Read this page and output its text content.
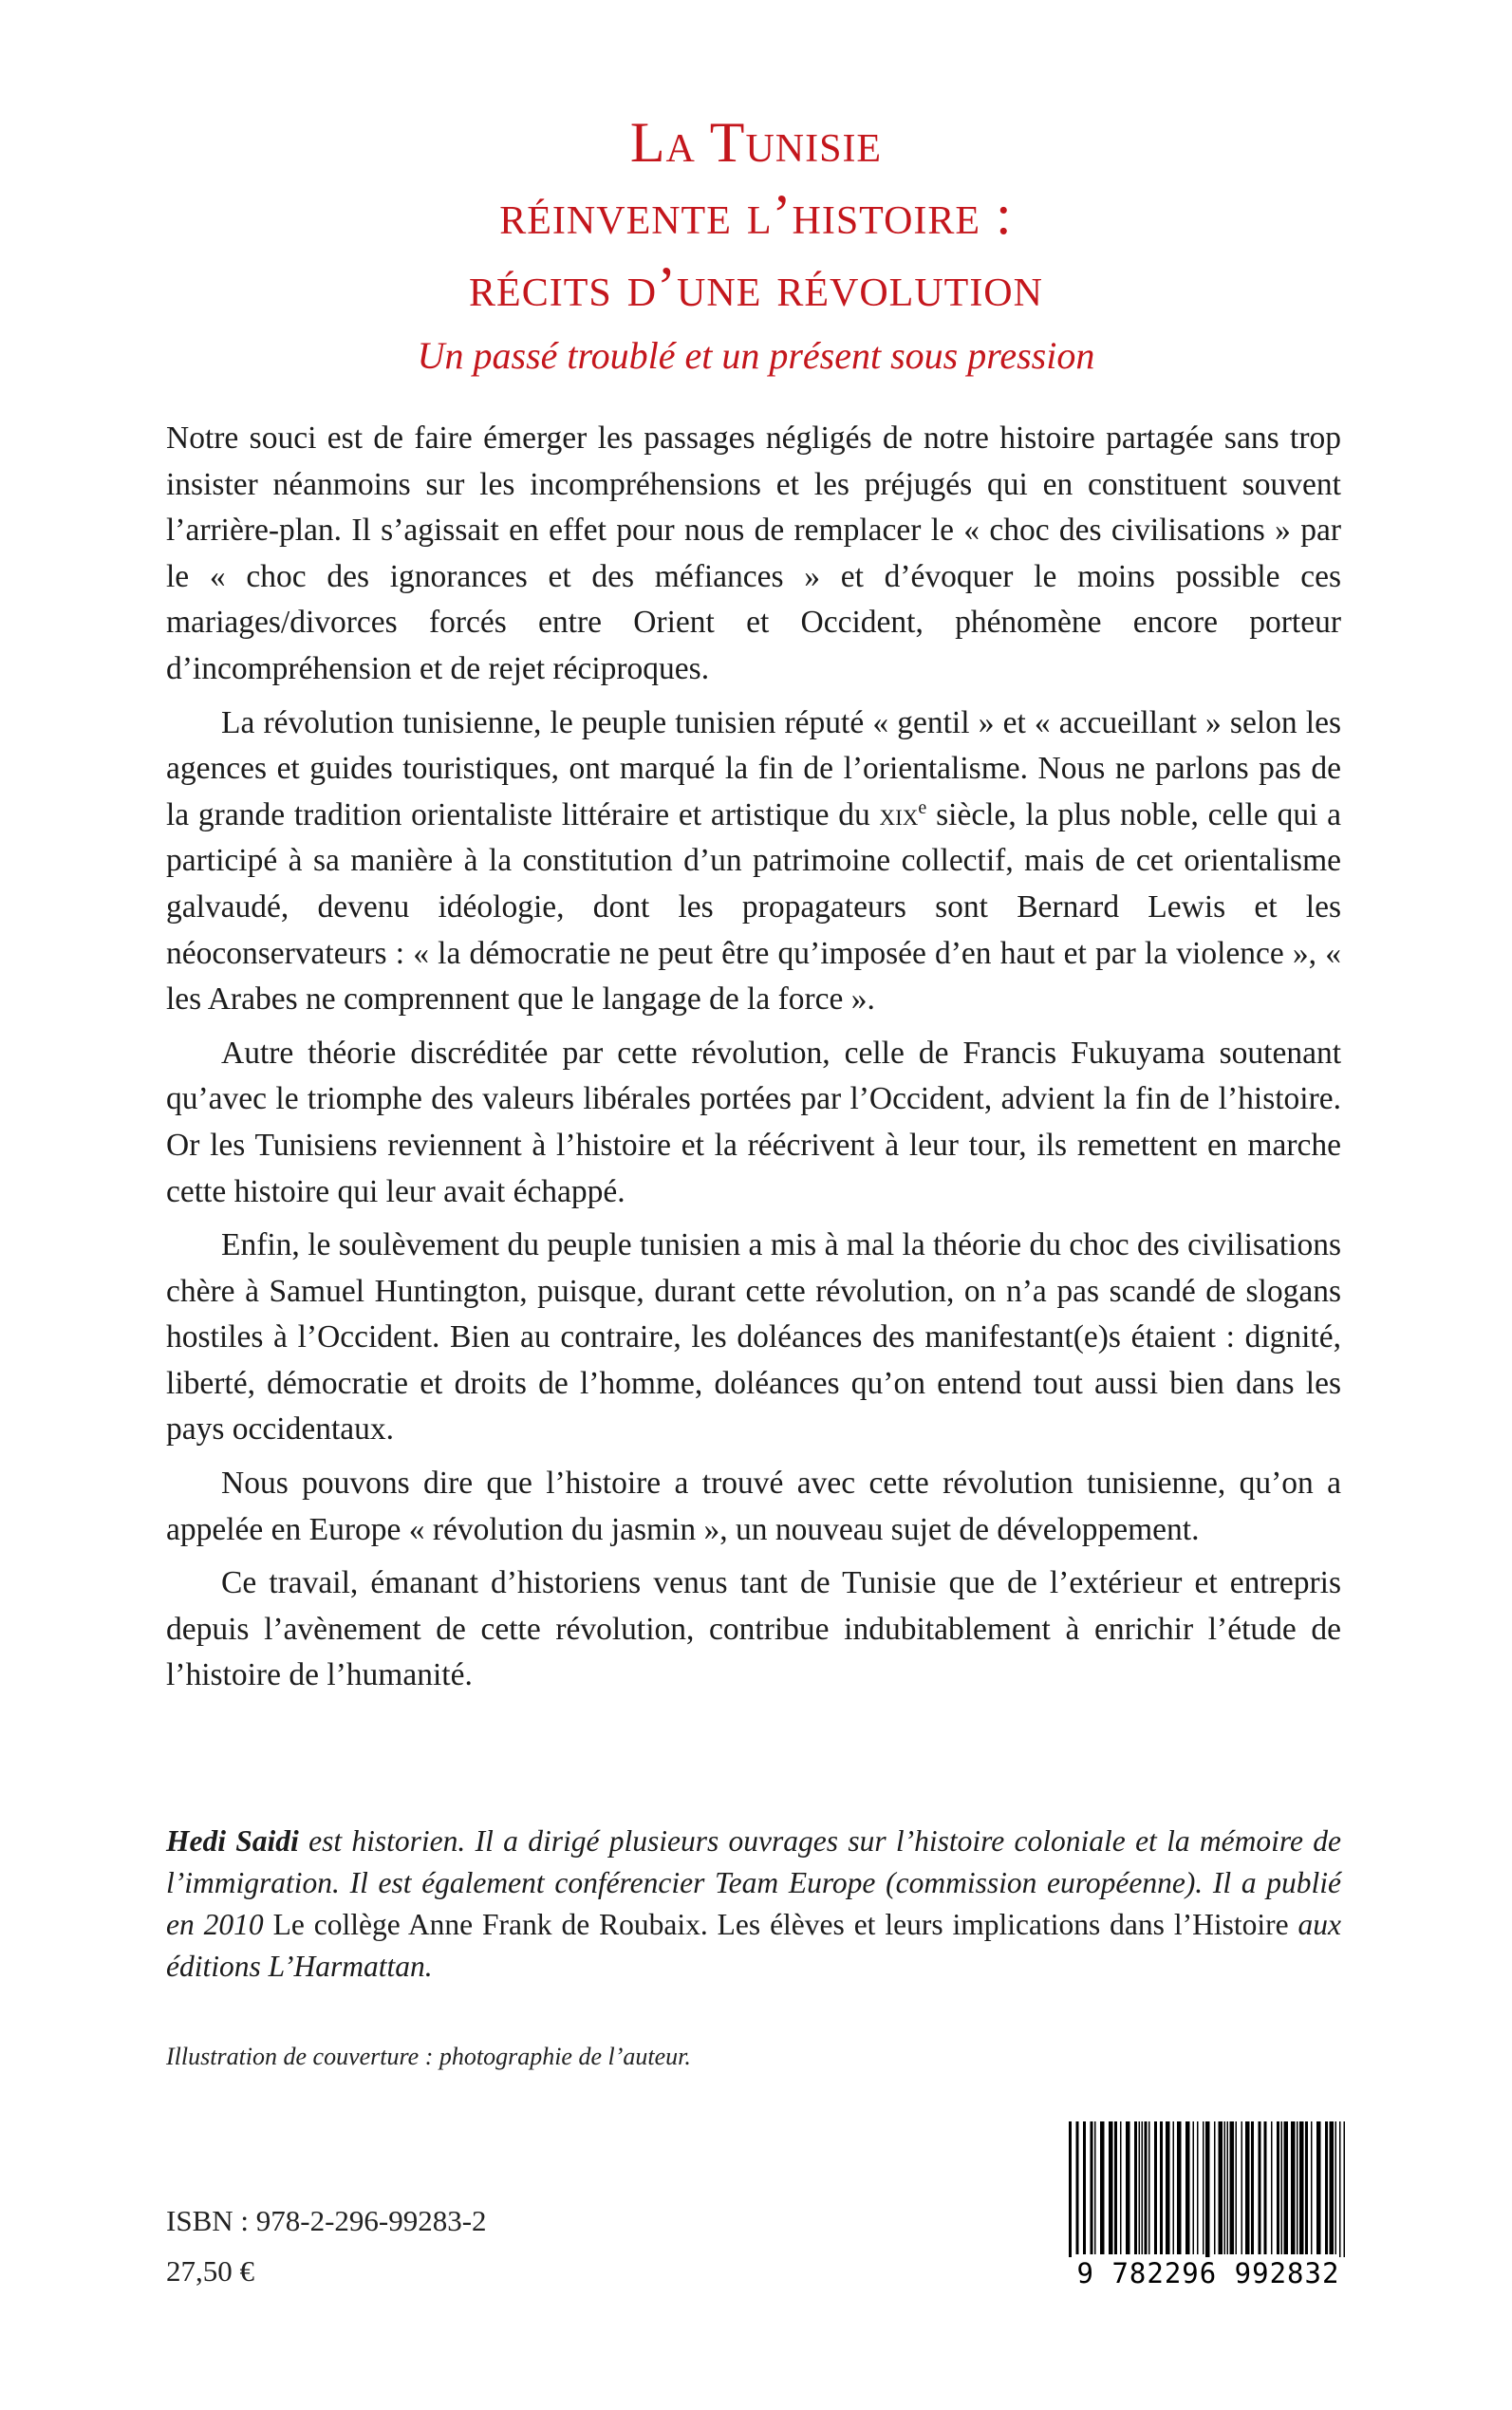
La Tunisie
réinvente l’histoire :
récits d’une révolution
Un passé troublé et un présent sous pression

Notre souci est de faire émerger les passages négligés de notre histoire partagée sans trop insister néanmoins sur les incompréhensions et les préjugés qui en constituent souvent l’arrière-plan. Il s’agissait en effet pour nous de remplacer le « choc des civilisations » par le « choc des ignorances et des méfiances » et d’évoquer le moins possible ces mariages/divorces forcés entre Orient et Occident, phénomène encore porteur d’incompréhension et de rejet réciproques.

La révolution tunisienne, le peuple tunisien réputé « gentil » et « accueillant » selon les agences et guides touristiques, ont marqué la fin de l’orientalisme. Nous ne parlons pas de la grande tradition orientaliste littéraire et artistique du xix$^e$ siècle, la plus noble, celle qui a participé à sa manière à la constitution d’un patrimoine collectif, mais de cet orientalisme galvaudé, devenu idéologie, dont les propagateurs sont Bernard Lewis et les néoconservateurs : « la démocratie ne peut être qu’imposée d’en haut et par la violence », « les Arabes ne comprennent que le langage de la force ».

Autre théorie discréditée par cette révolution, celle de Francis Fukuyama soutenant qu’avec le triomphe des valeurs libérales portées par l’Occident, advient la fin de l’histoire. Or les Tunisiens reviennent à l’histoire et la réécrivent à leur tour, ils remettent en marche cette histoire qui leur avait échappé.

Enfin, le soulèvement du peuple tunisien a mis à mal la théorie du choc des civilisations chère à Samuel Huntington, puisque, durant cette révolution, on n’a pas scandé de slogans hostiles à l’Occident. Bien au contraire, les doléances des manifestant(e)s étaient : dignité, liberté, démocratie et droits de l’homme, doléances qu’on entend tout aussi bien dans les pays occidentaux.

Nous pouvons dire que l’histoire a trouvé avec cette révolution tunisienne, qu’on a appelée en Europe « révolution du jasmin », un nouveau sujet de développement.

Ce travail, émanant d’historiens venus tant de Tunisie que de l’extérieur et entrepris depuis l’avènement de cette révolution, contribue indubitablement à enrichir l’étude de l’histoire de l’humanité.

Hedi Saidi est historien. Il a dirigé plusieurs ouvrages sur l’histoire coloniale et la mémoire de l’immigration. Il est également conférencier Team Europe (commission européenne). Il a publié en 2010 Le collège Anne Frank de Roubaix. Les élèves et leurs implications dans l’Histoire aux éditions L’Harmattan.
Illustration de couverture : photographie de l’auteur.
ISBN : 978-2-296-99283-2
27,50 €	9 782296 992832
